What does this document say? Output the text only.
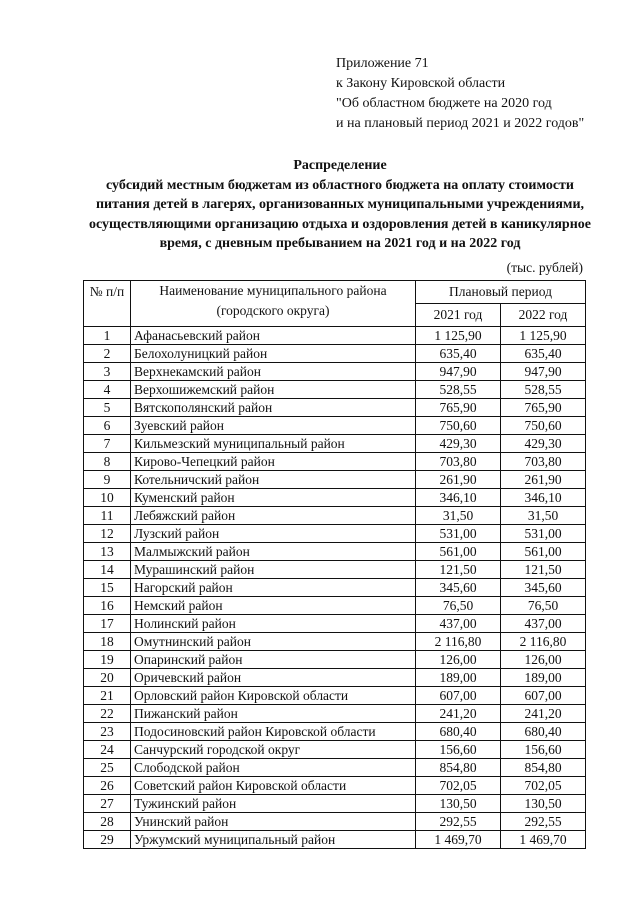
Приложение 71
к Закону Кировской области
"Об областном бюджете на 2020 год
и на плановый период 2021 и 2022 годов"
Распределение
субсидий местным бюджетам из областного бюджета на оплату стоимости
питания детей в лагерях, организованных муниципальными учреждениями,
осуществляющими организацию отдыха и оздоровления детей в каникулярное
время, с дневным пребыванием на 2021 год и на 2022 год
(тыс. рублей)
№ п/п	Наименование муниципального района
(городского округа)	Плановый период	
		2021 год	2022 год
1	Афанасьевский район	1 125,90	1 125,90
2	Белохолуницкий район	635,40	635,40
3	Верхнекамский район	947,90	947,90
4	Верхошижемский район	528,55	528,55
5	Вятскополянский район	765,90	765,90
6	Зуевский район	750,60	750,60
7	Кильмезский муниципальный район	429,30	429,30
8	Кирово-Чепецкий район	703,80	703,80
9	Котельничский район	261,90	261,90
10	Куменский район	346,10	346,10
11	Лебяжский район	31,50	31,50
12	Лузский район	531,00	531,00
13	Малмыжский район	561,00	561,00
14	Мурашинский район	121,50	121,50
15	Нагорский район	345,60	345,60
16	Немский район	76,50	76,50
17	Нолинский район	437,00	437,00
18	Омутнинский район	2 116,80	2 116,80
19	Опаринский район	126,00	126,00
20	Оричевский район	189,00	189,00
21	Орловский район Кировской области	607,00	607,00
22	Пижанский район	241,20	241,20
23	Подосиновский район Кировской области	680,40	680,40
24	Санчурский городской округ	156,60	156,60
25	Слободской район	854,80	854,80
26	Советский район Кировской области	702,05	702,05
27	Тужинский район	130,50	130,50
28	Унинский район	292,55	292,55
29	Уржумский муниципальный район	1 469,70	1 469,70
